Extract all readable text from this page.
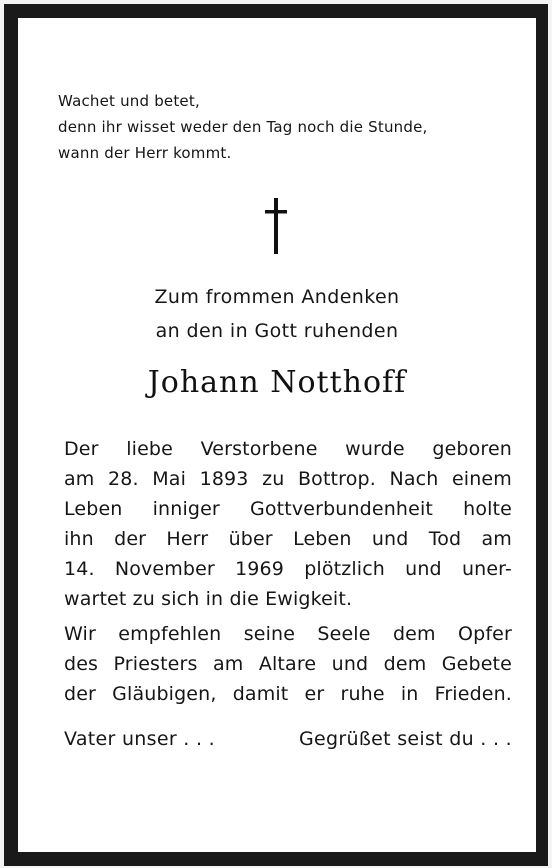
Wachet und betet,
denn ihr wisset weder den Tag noch die Stunde,
wann der Herr kommt.
Zum frommen Andenken
an den in Gott ruhenden
Johann Notthoff
Der liebe Verstorbene wurde geboren
am 28. Mai 1893 zu Bottrop. Nach einem
Leben inniger Gottverbundenheit holte
ihn der Herr über Leben und Tod am
14. November 1969 plötzlich und uner-
wartet zu sich in die Ewigkeit.
Wir empfehlen seine Seele dem Opfer
des Priesters am Altare und dem Gebete
der Gläubigen, damit er ruhe in Frieden.
Vater unser . . .	Gegrüßet seist du . . .
